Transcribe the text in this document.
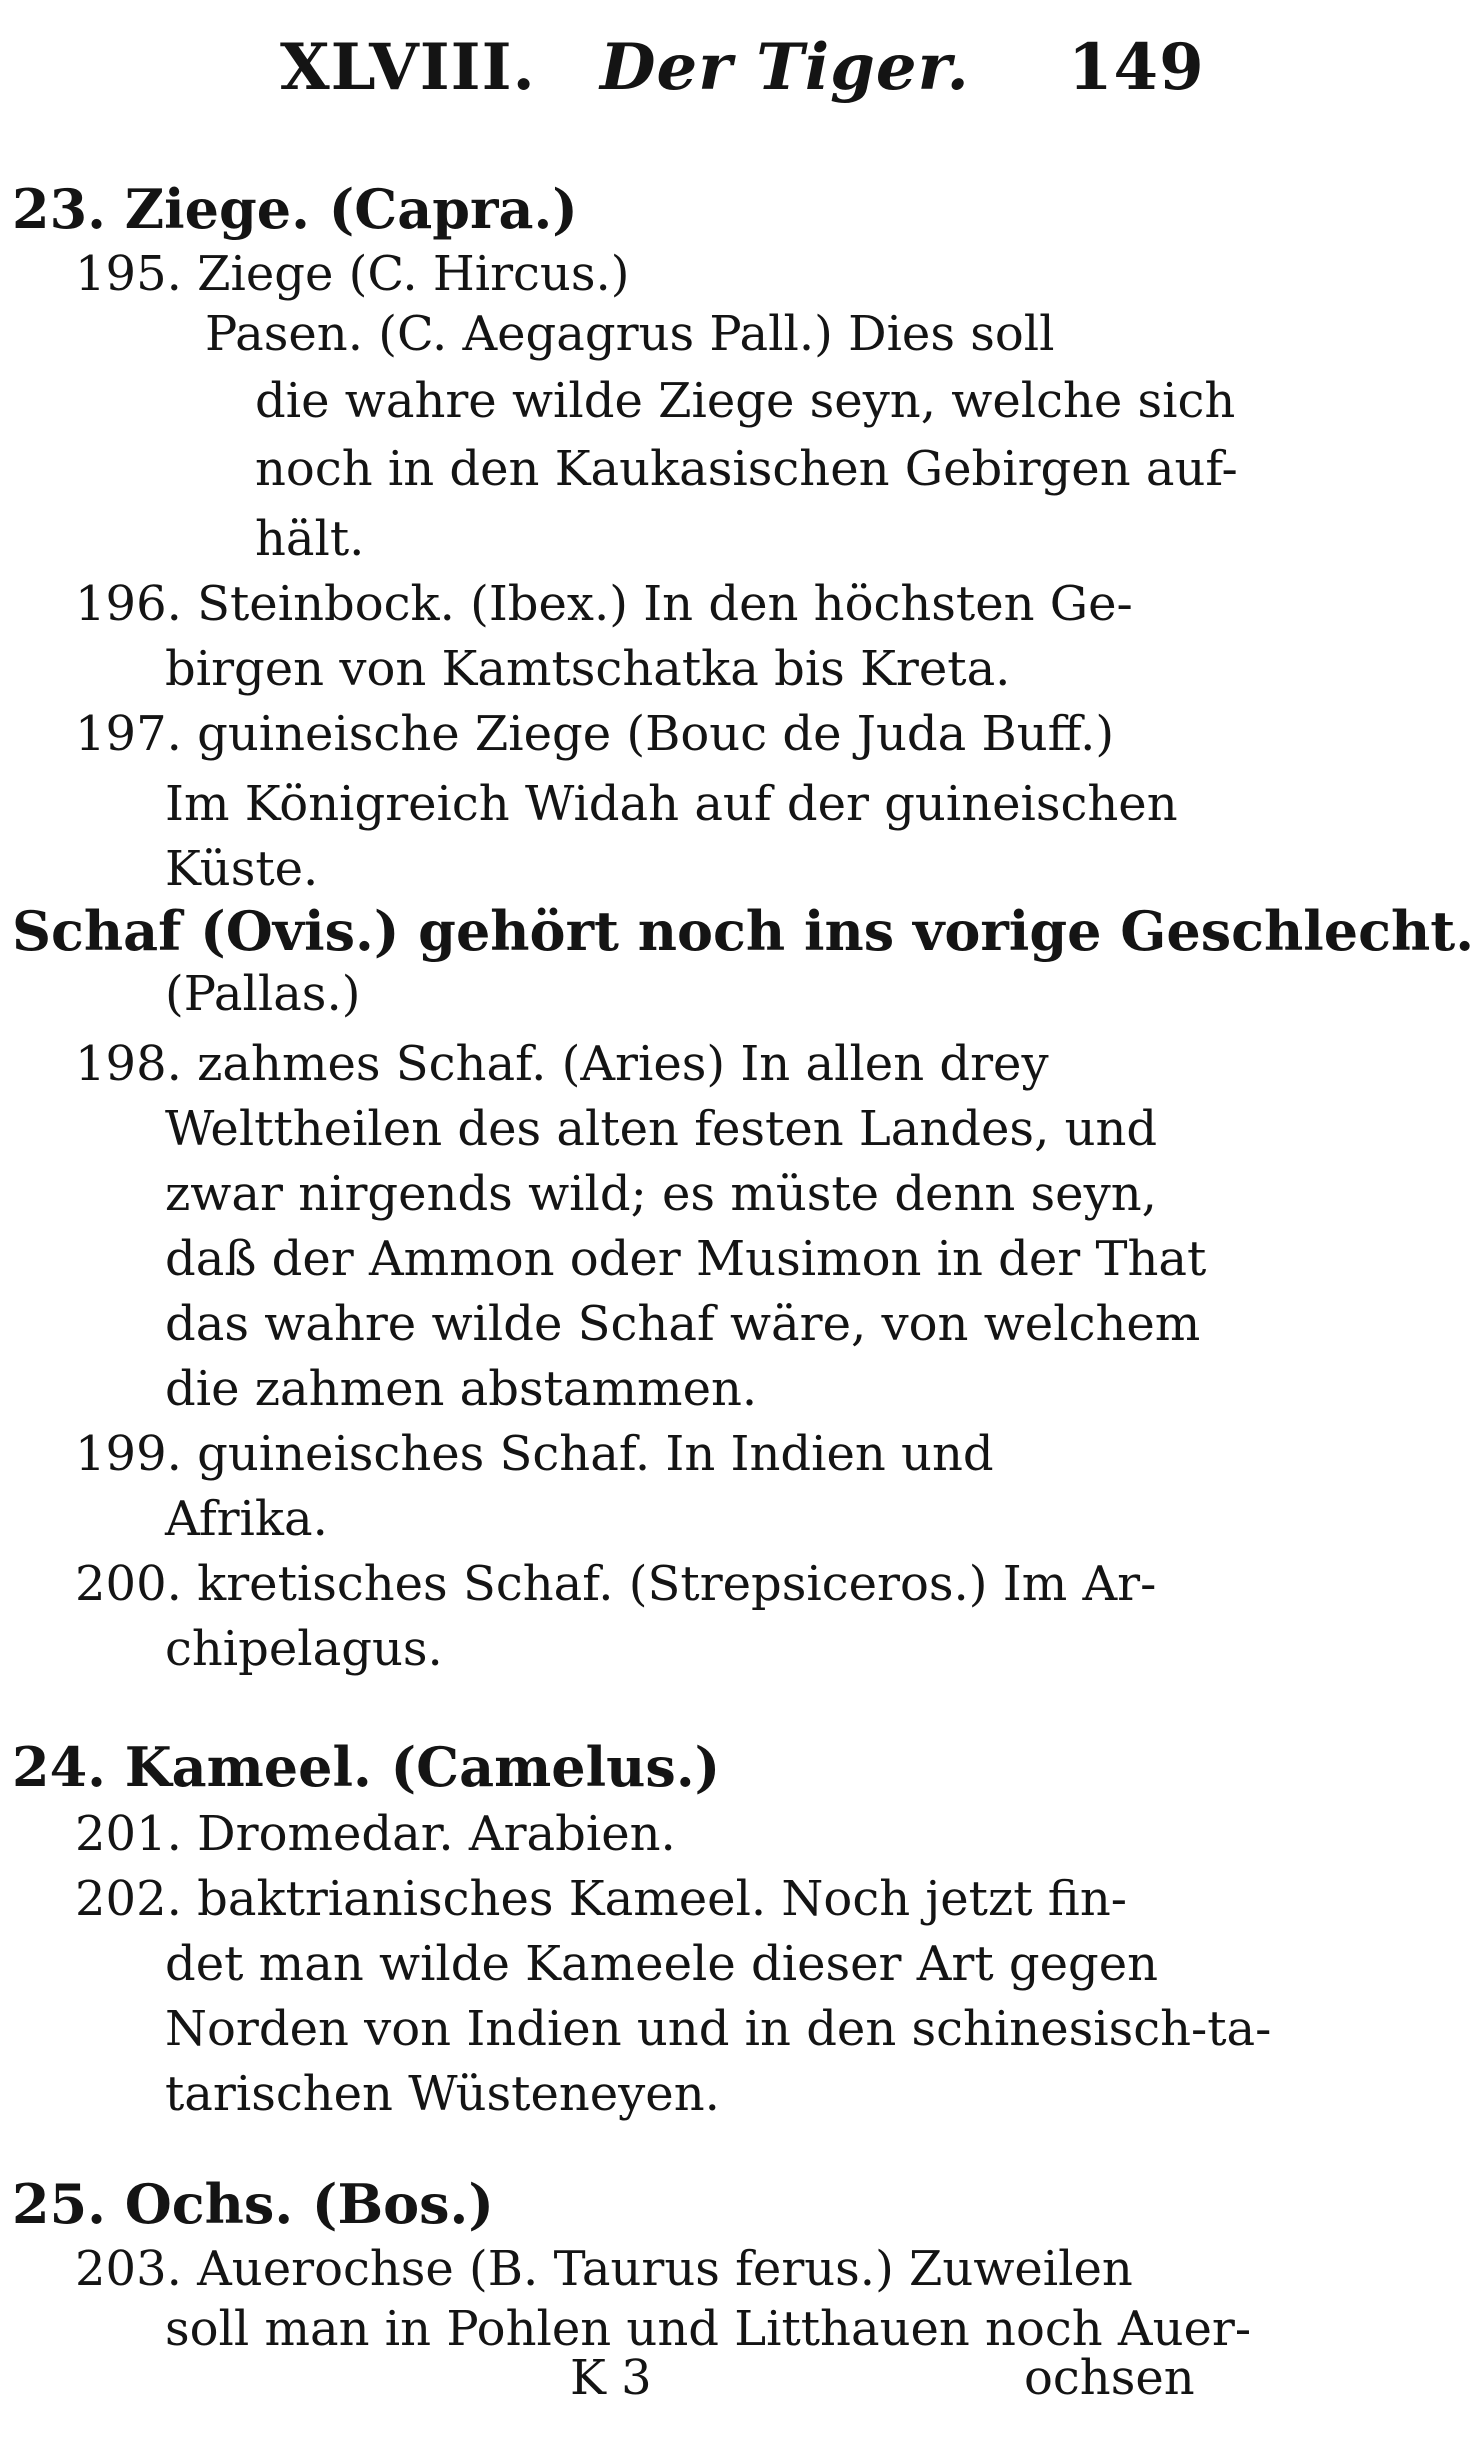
XLVIII. Der Tiger. 149
23. Ziege. (Capra.)
195. Ziege (C. Hircus.)
Pasen. (C. Aegagrus Pall.) Dies soll
die wahre wilde Ziege seyn, welche sich
noch in den Kaukasischen Gebirgen auf-
hält.
196. Steinbock. (Ibex.) In den höchsten Ge-
birgen von Kamtschatka bis Kreta.
197. guineische Ziege (Bouc de Juda Buff.)
Im Königreich Widah auf der guineischen
Küste.
Schaf (Ovis.) gehört noch ins vorige Geschlecht.
(Pallas.)
198. zahmes Schaf. (Aries) In allen drey
Welttheilen des alten festen Landes, und
zwar nirgends wild; es müste denn seyn,
daß der Ammon oder Musimon in der That
das wahre wilde Schaf wäre, von welchem
die zahmen abstammen.
199. guineisches Schaf. In Indien und
Afrika.
200. kretisches Schaf. (Strepsiceros.) Im Ar-
chipelagus.
24. Kameel. (Camelus.)
201. Dromedar. Arabien.
202. baktrianisches Kameel. Noch jetzt fin-
det man wilde Kameele dieser Art gegen
Norden von Indien und in den schinesisch-ta-
tarischen Wüsteneyen.
25. Ochs. (Bos.)
203. Auerochse (B. Taurus ferus.) Zuweilen
soll man in Pohlen und Litthauen noch Auer-
K 3	ochsen
